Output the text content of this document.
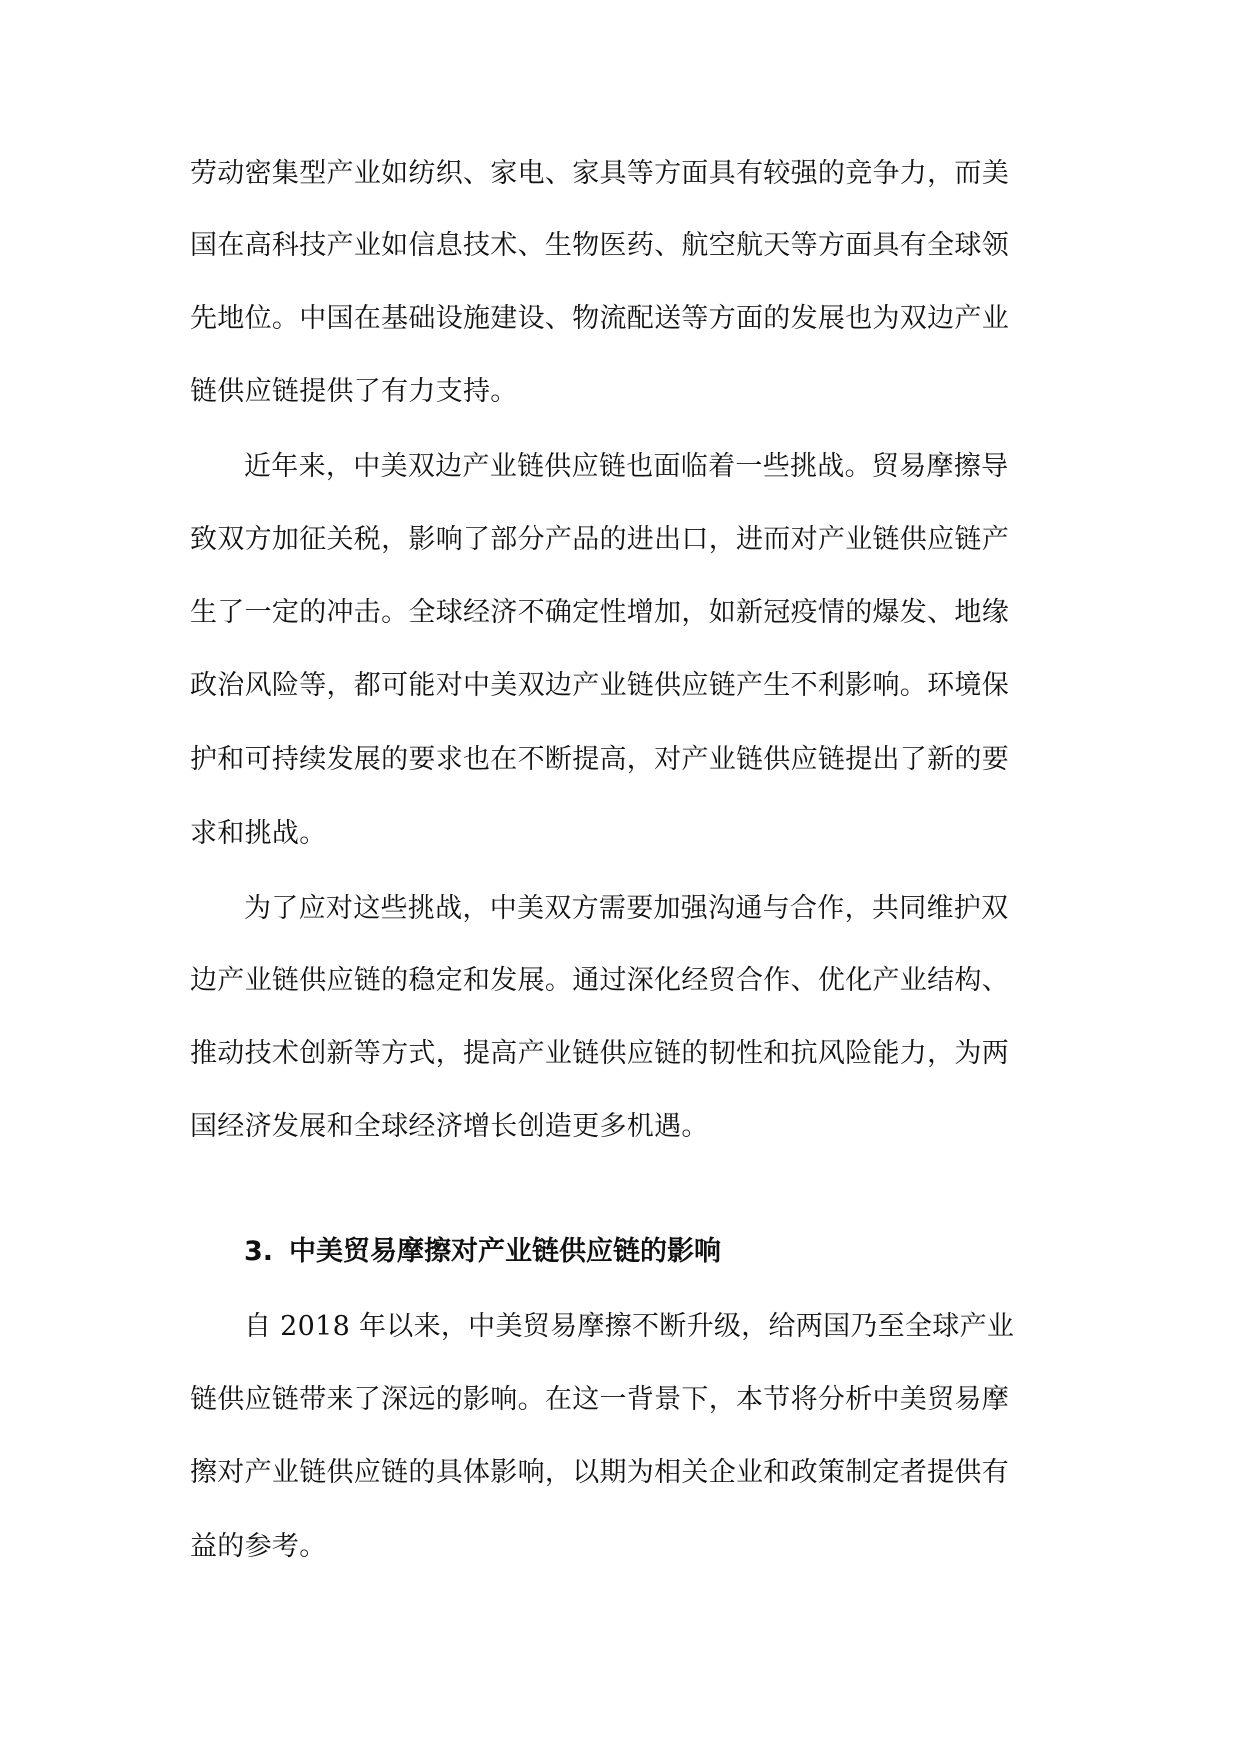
劳动密集型产业如纺织、家电、家具等方面具有较强的竞争力，而美
国在高科技产业如信息技术、生物医药、航空航天等方面具有全球领
先地位。中国在基础设施建设、物流配送等方面的发展也为双边产业
链供应链提供了有力支持。
近年来，中美双边产业链供应链也面临着一些挑战。贸易摩擦导
致双方加征关税，影响了部分产品的进出口，进而对产业链供应链产
生了一定的冲击。全球经济不确定性增加，如新冠疫情的爆发、地缘
政治风险等，都可能对中美双边产业链供应链产生不利影响。环境保
护和可持续发展的要求也在不断提高，对产业链供应链提出了新的要
求和挑战。
为了应对这些挑战，中美双方需要加强沟通与合作，共同维护双
边产业链供应链的稳定和发展。通过深化经贸合作、优化产业结构、
推动技术创新等方式，提高产业链供应链的韧性和抗风险能力，为两
国经济发展和全球经济增长创造更多机遇。
3. 中美贸易摩擦对产业链供应链的影响
自 2018 年以来，中美贸易摩擦不断升级，给两国乃至全球产业
链供应链带来了深远的影响。在这一背景下，本节将分析中美贸易摩
擦对产业链供应链的具体影响，以期为相关企业和政策制定者提供有
益的参考。
